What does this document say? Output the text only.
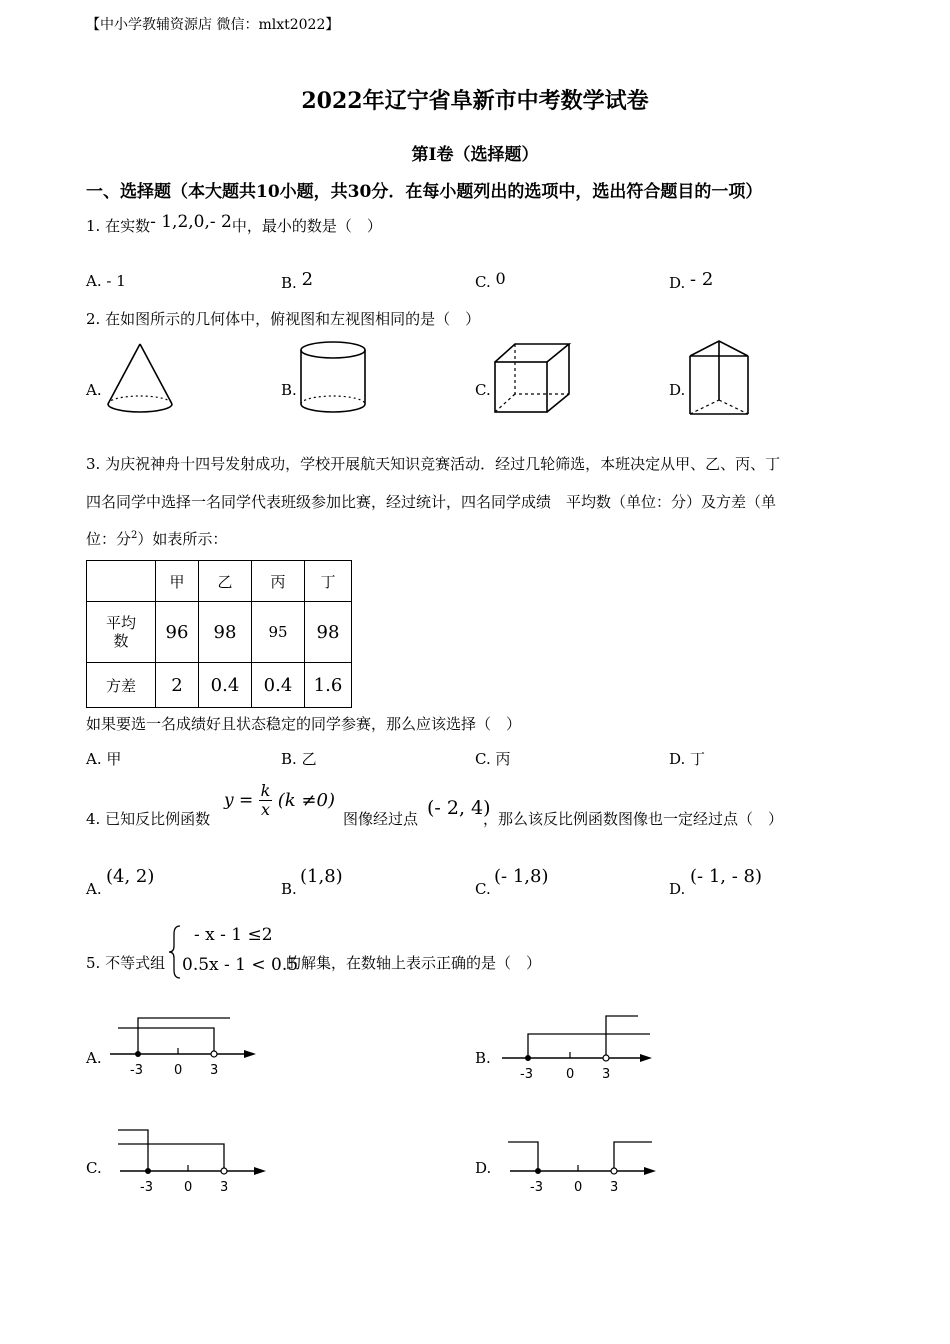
【中小学教辅资源店 微信：mlxt2022】
2022年辽宁省阜新市中考数学试卷
第I卷（选择题）
一、选择题（本大题共10小题，共30分．在每小题列出的选项中，选出符合题目的一项）
1. 在实数- 1,2,0,- 2中，最小的数是（　）
A. - 1	B. 2	C. 0	D. - 2
2. 在如图所示的几何体中，俯视图和左视图相同的是（　）
A.	B.	C.	D.
3. 为庆祝神舟十四号发射成功，学校开展航天知识竞赛活动．经过几轮筛选，本班决定从甲、乙、丙、丁
四名同学中选择一名同学代表班级参加比赛，经过统计，四名同学成绩　平均数（单位：分）及方差（单
位：分$^2$）如表所示：
	甲	乙	丙	丁
平均
数	96	98	95	98
方差	2	0.4	0.4	1.6
如果要选一名成绩好且状态稳定的同学参赛，那么应该选择（　）
A. 甲	B. 乙	C. 丙	D. 丁
4. 已知反比例函数
$y = \frac{k}{x} (k \ne 0)$
图像经过点 (- 2, 4)
，那么该反比例函数图像也一定经过点（　）
A.
(4, 2)
B.
(1,8)
C.
(- 1,8)
D.
(- 1, - 8)
5. 不等式组
- x - 1 ≤2
0.5x - 1 < 0.5
的解集，在数轴上表示正确的是（　）
A.
-3 0 3
B.
-3	0 3
C.
-3 0 3
D.
-3 0 3
